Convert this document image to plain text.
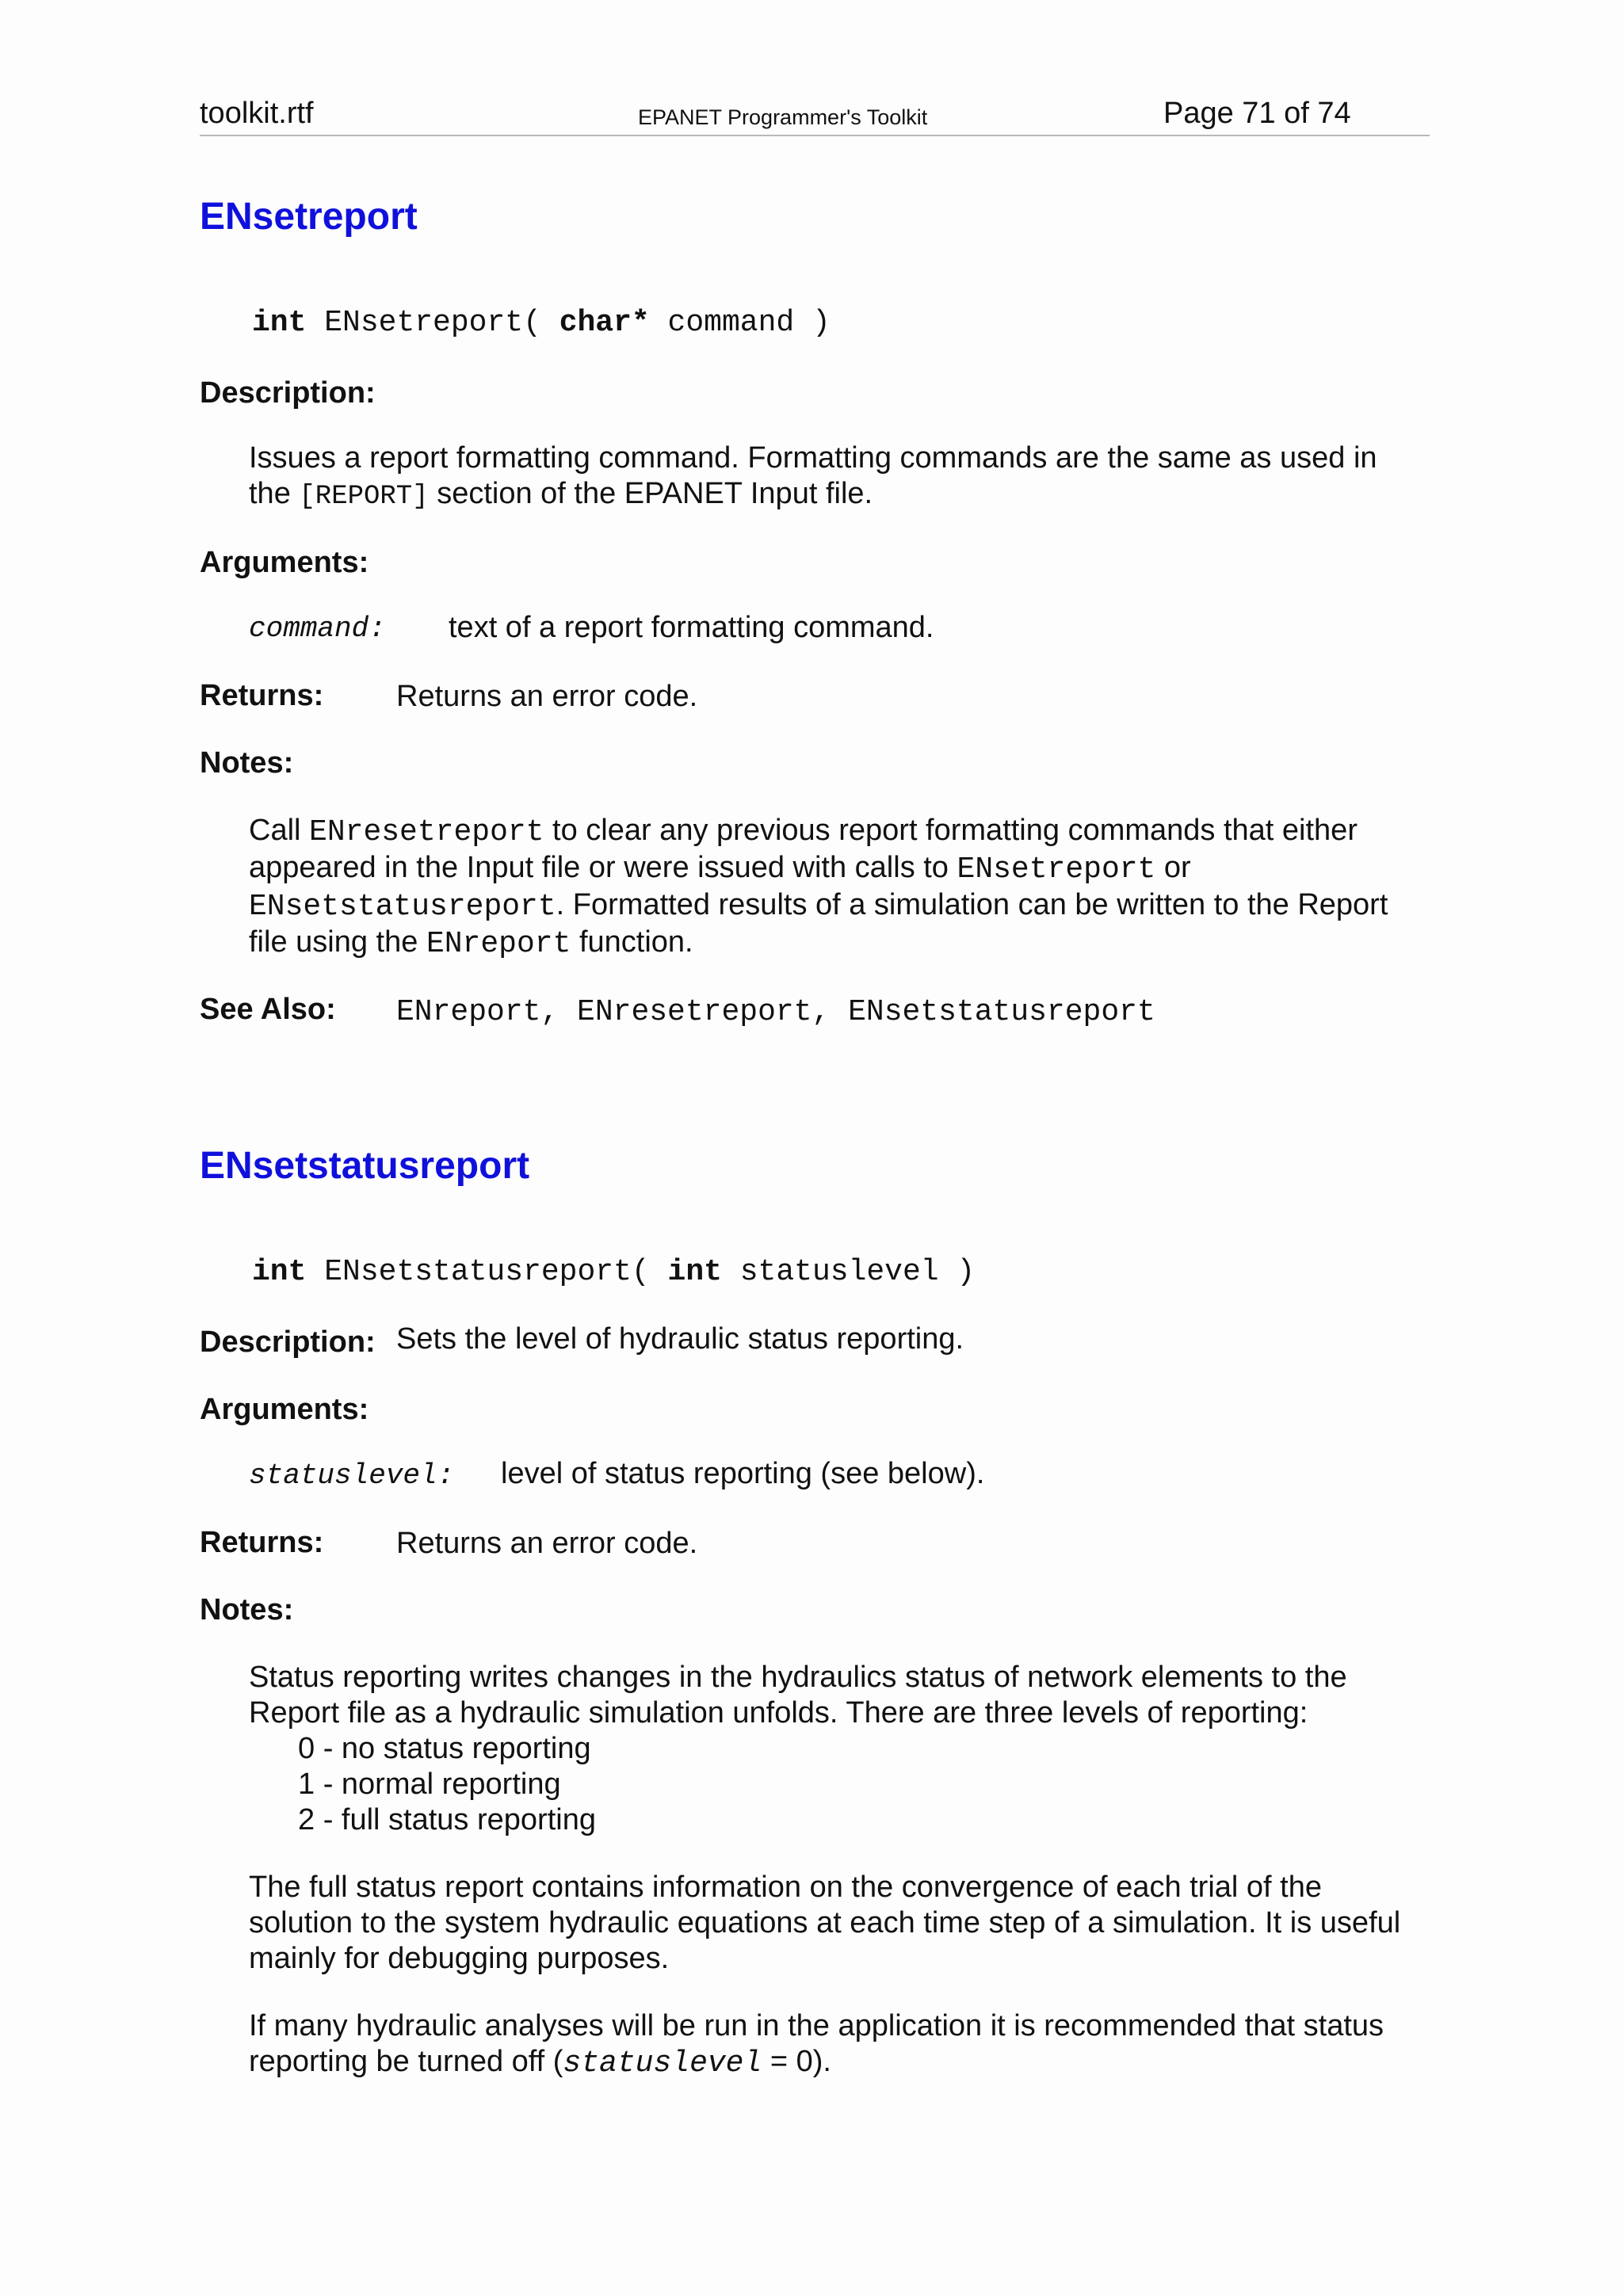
toolkit.rtf	EPANET Programmer's Toolkit	Page 71 of 74
ENsetreport
int ENsetreport( char* command )
Description:
Issues a report formatting command. Formatting commands are the same as used in
the [REPORT] section of the EPANET Input file.
Arguments:
command: text of a report formatting command.
Returns: Returns an error code.
Notes:
Call ENresetreport to clear any previous report formatting commands that either
appeared in the Input file or were issued with calls to ENsetreport or
ENsetstatusreport. Formatted results of a simulation can be written to the Report
file using the ENreport function.
See Also: ENreport, ENresetreport, ENsetstatusreport
ENsetstatusreport
int ENsetstatusreport( int statuslevel )
Description: Sets the level of hydraulic status reporting.
Arguments:
statuslevel: level of status reporting (see below).
Returns: Returns an error code.
Notes:
Status reporting writes changes in the hydraulics status of network elements to the
Report file as a hydraulic simulation unfolds. There are three levels of reporting:
0 - no status reporting
1 - normal reporting
2 - full status reporting
The full status report contains information on the convergence of each trial of the
solution to the system hydraulic equations at each time step of a simulation. It is useful
mainly for debugging purposes.
If many hydraulic analyses will be run in the application it is recommended that status
reporting be turned off (statuslevel = 0).
